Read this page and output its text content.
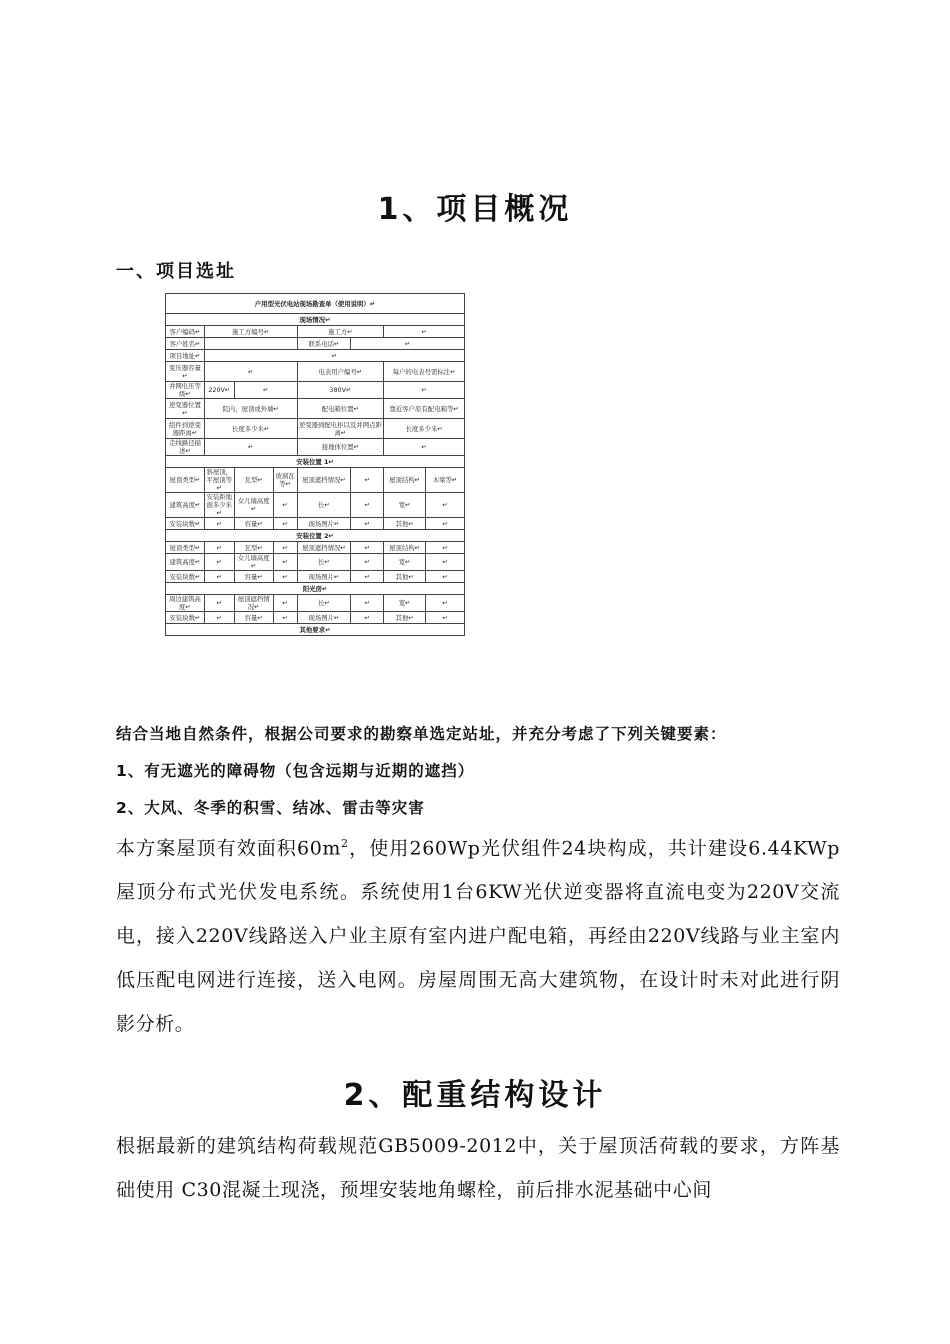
1、项目概况
一、项目选址
户用型光伏电站现场勘查单（使用说明）↵							
现场情况↵							
客户编码↵	施工方编号↵			施工方↵		↵	
客户姓名↵				联系电话↵	↵		
项目地址↵	↵						
变压器容量↵	↵			电表用户编号↵		每户的电表号需标注↵	
并网电压等级↵	220V↵	↵		380V↵		↵	
逆变器位置↵	院内，屋顶或外墙↵			配电箱位置↵		靠近客户原有配电箱等↵	
组件到逆变器距离↵	长度多少米↵			逆变器到配电柜以及并网点距离↵		长度多少米↵	
走线路径描述↵	↵			接地体位置↵		↵	
安装位置 1↵							
屋顶类型↵	斜屋顶，平屋顶等↵	瓦型↵	玻璃瓦等↵	屋顶遮挡情况↵	↵	屋顶结构↵	木梁等↵
建筑高度↵	安装距地面多少米↵	女儿墙高度↵	↵	长↵	↵	宽↵	↵
安装块数↵	↵	容量↵	↵	现场图片↵	↵	其他↵	↵
安装位置 2↵							
屋顶类型↵	↵	瓦型↵	↵	屋顶遮挡情况↵	↵	屋顶结构↵	↵
建筑高度↵	↵	女儿墙高度↵	↵	长↵	↵	宽↵	↵
安装块数↵	↵	容量↵	↵	现场图片↵	↵	其他↵	↵
阳光房↵							
周边建筑高度↵	↵	屋顶遮挡情况↵	↵	长↵	↵	宽↵	↵
安装块数↵	↵	容量↵	↵	现场图片↵	↵	其他↵	↵
其他要求↵							
结合当地自然条件，根据公司要求的勘察单选定站址，并充分考虑了下列关键要素：
1、有无遮光的障碍物（包含远期与近期的遮挡）
2、大风、冬季的积雪、结冰、雷击等灾害
本方案屋顶有效面积$60m^2$，使用260Wp光伏组件24块构成，共计建设6.44KWp屋顶分布式光伏发电系统。系统使用1台6KW光伏逆变器将直流电变为220V交流电，接入220V线路送入户业主原有室内进户配电箱，再经由220V线路与业主室内低压配电网进行连接，送入电网。房屋周围无高大建筑物，在设计时未对此进行阴影分析。
2、配重结构设计
根据最新的建筑结构荷载规范GB5009-2012中，关于屋顶活荷载的要求，方阵基础使用 C30混凝土现浇，预埋安装地角螺栓，前后排水泥基础中心间
